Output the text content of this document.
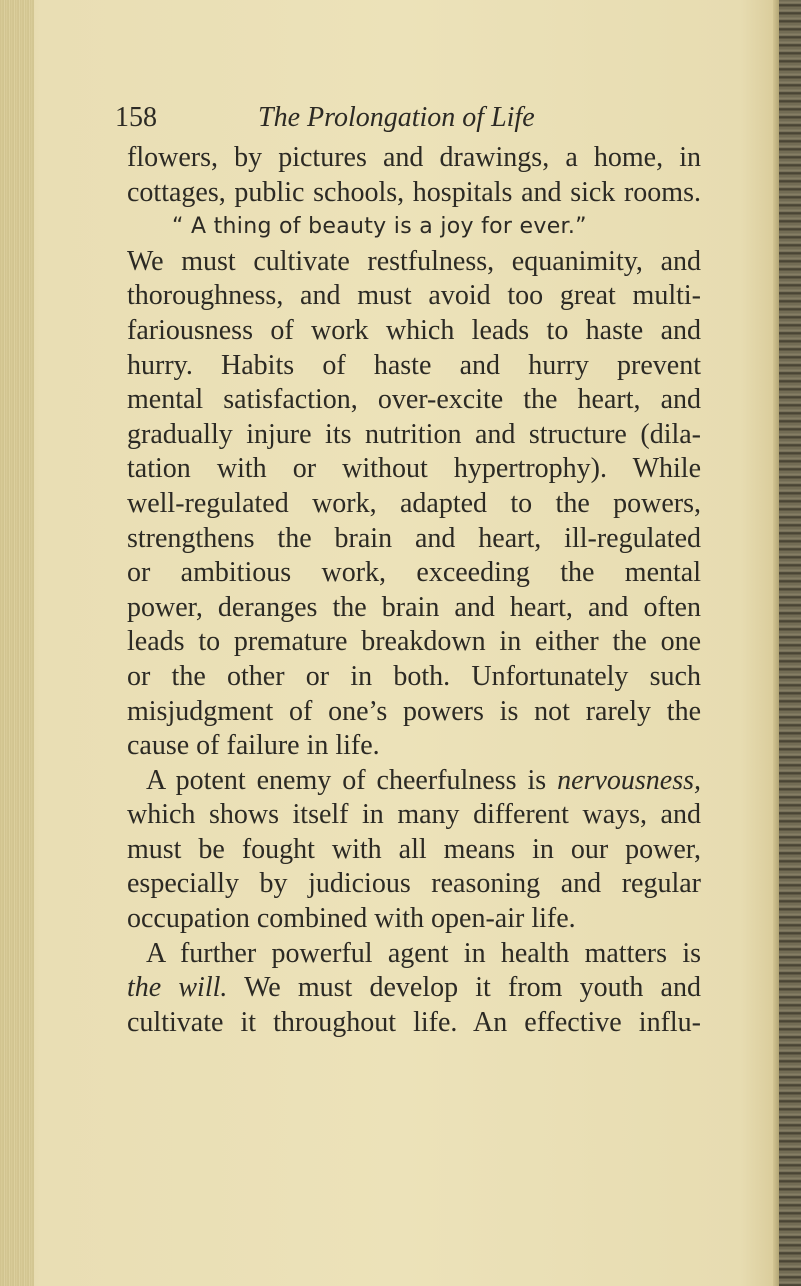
158	The Prolongation of Life
flowers, by pictures and drawings, a home, in
cottages, public schools, hospitals and sick rooms.
“ A thing of beauty is a joy for ever.”
We must cultivate restfulness, equanimity, and
thoroughness, and must avoid too great multi-
fariousness of work which leads to haste and
hurry. Habits of haste and hurry prevent
mental satisfaction, over-excite the heart, and
gradually injure its nutrition and structure (dila-
tation with or without hypertrophy). While
well-regulated work, adapted to the powers,
strengthens the brain and heart, ill-regulated
or ambitious work, exceeding the mental
power, deranges the brain and heart, and often
leads to premature breakdown in either the one
or the other or in both. Unfortunately such
misjudgment of one’s powers is not rarely the
cause of failure in life.
A potent enemy of cheerfulness is nervousness,
which shows itself in many different ways, and
must be fought with all means in our power,
especially by judicious reasoning and regular
occupation combined with open-air life.
A further powerful agent in health matters is
the will. We must develop it from youth and
cultivate it throughout life. An effective influ-
